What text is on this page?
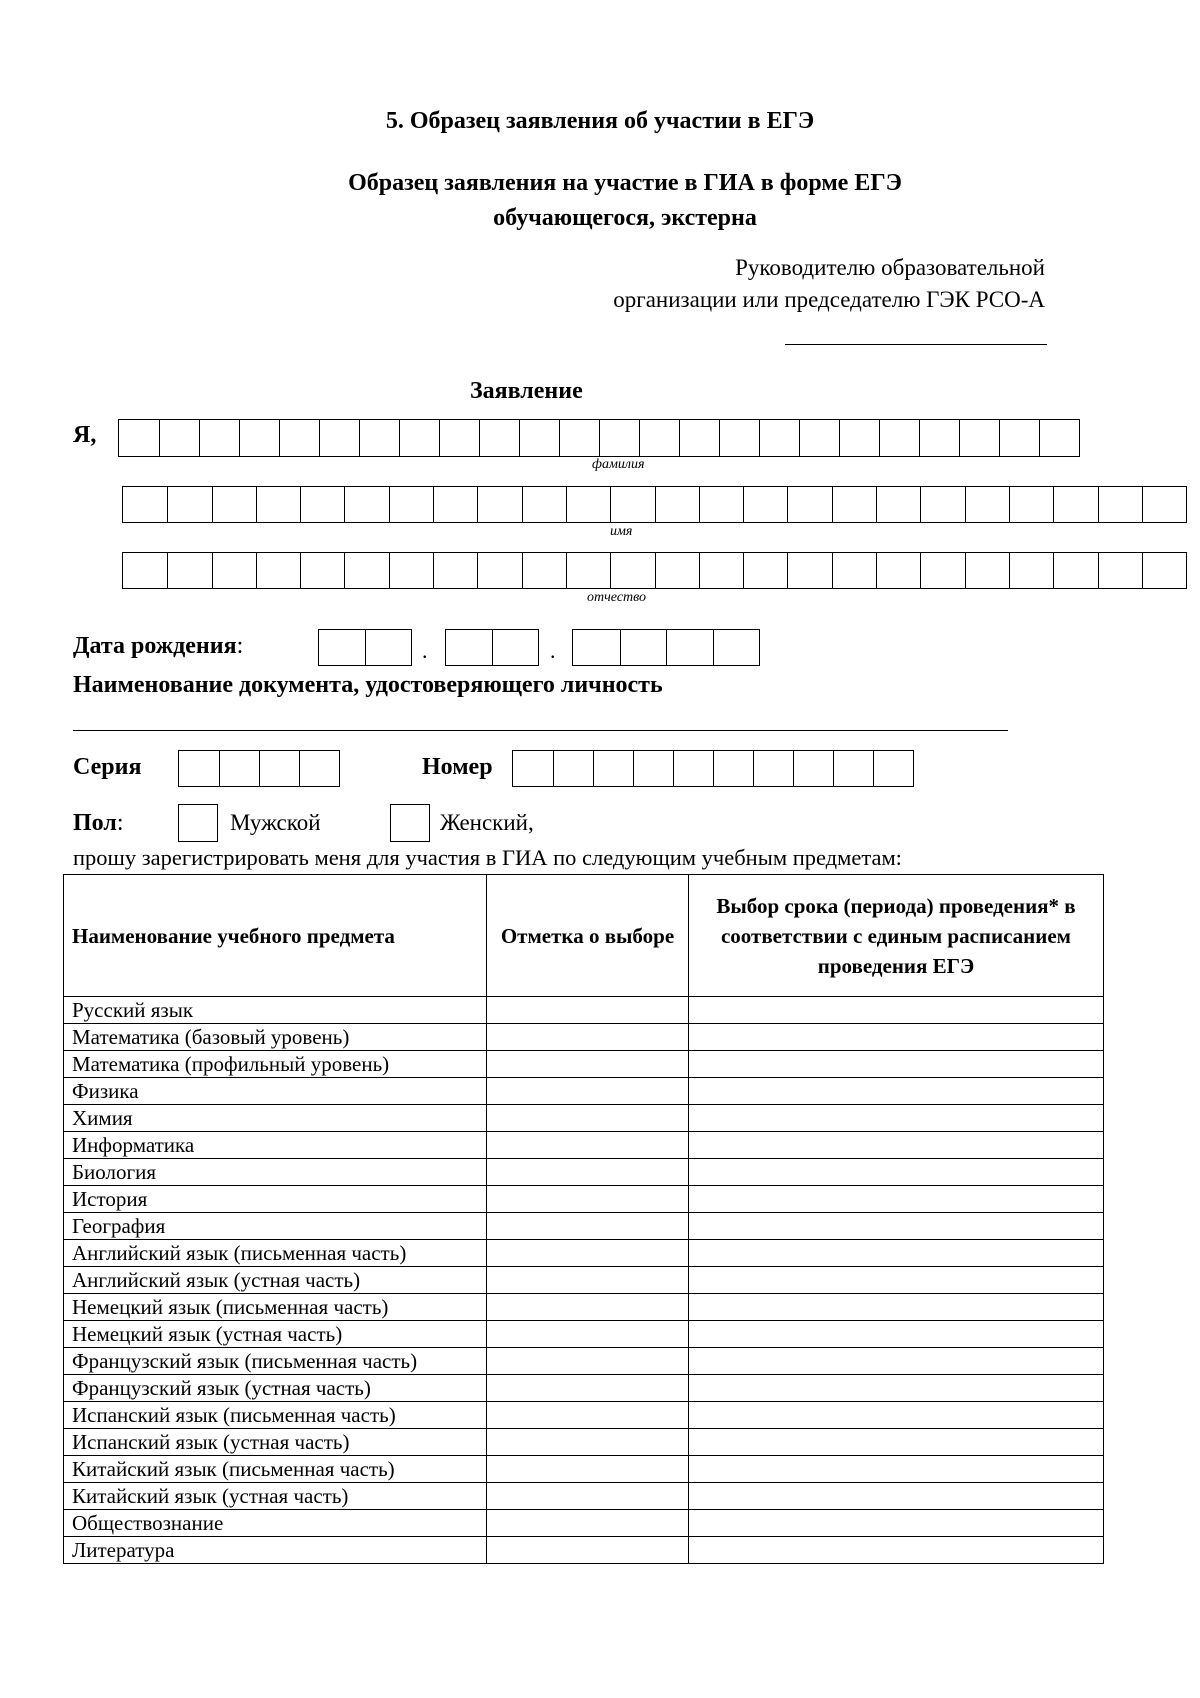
5. Образец заявления об участии в ЕГЭ
Образец заявления на участие в ГИА в форме ЕГЭ
обучающегося, экстерна
Руководителю образовательной
организации или председателю ГЭК РСО-А
Заявление
Я,
фамилия
имя
отчество
Дата рождения:	.	.
Наименование документа, удостоверяющего личность
Серия	Номер
Пол:	Мужской	Женский,
прошу зарегистрировать меня для участия в ГИА по следующим учебным предметам:
Наименование учебного предмета	Отметка о выборе	Выбор срока (периода) проведения* в соответствии с единым расписанием проведения ЕГЭ
Русский язык		
Математика (базовый уровень)		
Математика (профильный уровень)		
Физика		
Химия		
Информатика		
Биология		
История		
География		
Английский язык (письменная часть)		
Английский язык (устная часть)		
Немецкий язык (письменная часть)		
Немецкий язык (устная часть)		
Французский язык (письменная часть)		
Французский язык (устная часть)		
Испанский язык (письменная часть)		
Испанский язык (устная часть)		
Китайский язык (письменная часть)		
Китайский язык (устная часть)		
Обществознание		
Литература		
